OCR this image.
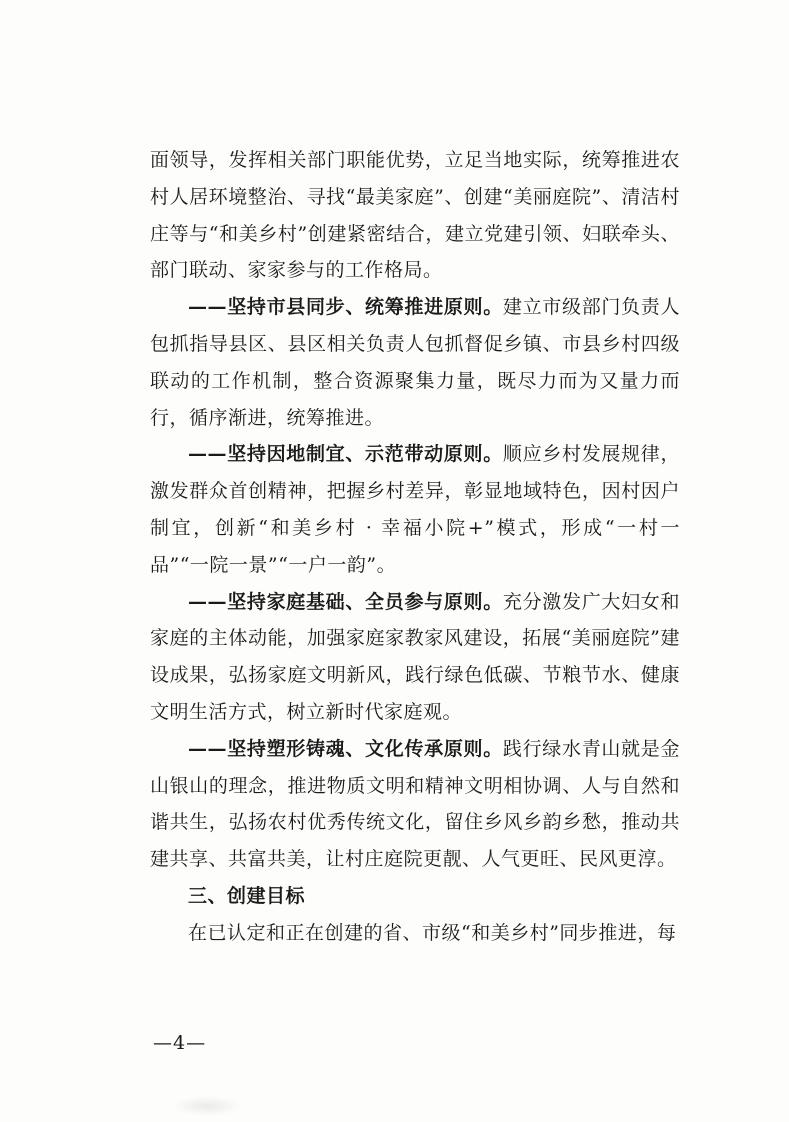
面领导，发挥相关部门职能优势，立足当地实际，统筹推进农村人居环境整治、寻找“最美家庭”、创建“美丽庭院”、清洁村庄等与“和美乡村”创建紧密结合，建立党建引领、妇联牵头、部门联动、家家参与的工作格局。

——坚持市县同步、统筹推进原则。建立市级部门负责人包抓指导县区、县区相关负责人包抓督促乡镇、市县乡村四级联动的工作机制，整合资源聚集力量，既尽力而为又量力而行，循序渐进，统筹推进。

——坚持因地制宜、示范带动原则。顺应乡村发展规律，激发群众首创精神，把握乡村差异，彰显地域特色，因村因户制宜，创新“和美乡村 · 幸福小院+”模式，形成“一村一品”“一院一景”“一户一韵”。

——坚持家庭基础、全员参与原则。充分激发广大妇女和家庭的主体动能，加强家庭家教家风建设，拓展“美丽庭院”建设成果，弘扬家庭文明新风，践行绿色低碳、节粮节水、健康文明生活方式，树立新时代家庭观。

——坚持塑形铸魂、文化传承原则。践行绿水青山就是金山银山的理念，推进物质文明和精神文明相协调、人与自然和谐共生，弘扬农村优秀传统文化，留住乡风乡韵乡愁，推动共建共享、共富共美，让村庄庭院更靓、人气更旺、民风更淳。

三、创建目标

在已认定和正在创建的省、市级“和美乡村”同步推进，每

—4—
